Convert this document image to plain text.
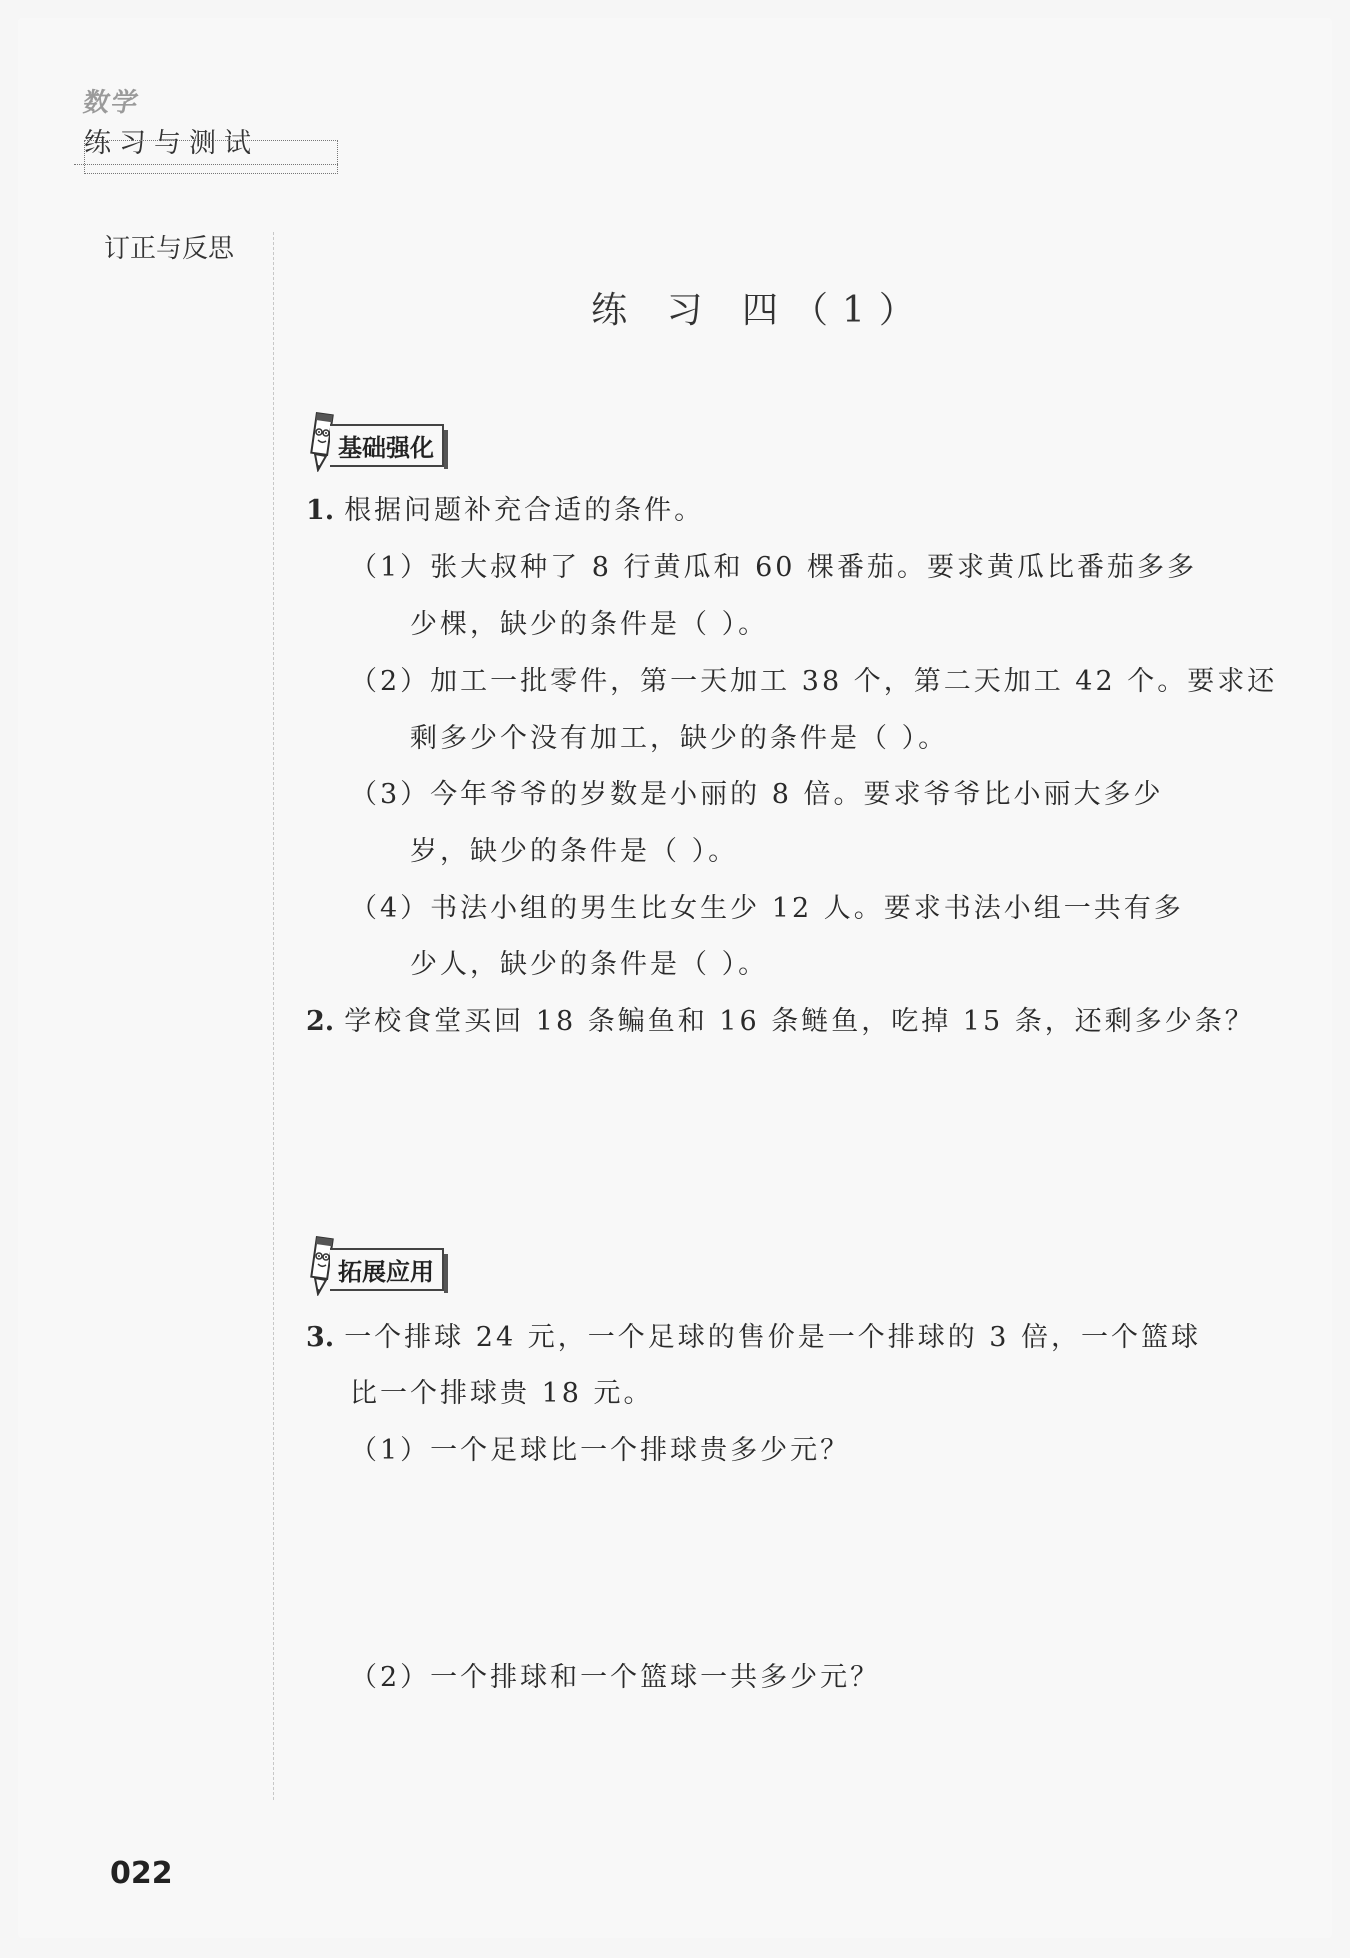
数学
练习与测试
订正与反思
练 习 四（1）
基础强化
1. 根据问题补充合适的条件。
（1）张大叔种了 8 行黄瓜和 60 棵番茄。要求黄瓜比番茄多多
少棵，缺少的条件是（ ）。
（2）加工一批零件，第一天加工 38 个，第二天加工 42 个。要求还
剩多少个没有加工，缺少的条件是（ ）。
（3）今年爷爷的岁数是小丽的 8 倍。要求爷爷比小丽大多少
岁，缺少的条件是（ ）。
（4）书法小组的男生比女生少 12 人。要求书法小组一共有多
少人，缺少的条件是（ ）。
2. 学校食堂买回 18 条鳊鱼和 16 条鲢鱼，吃掉 15 条，还剩多少条？
拓展应用
3. 一个排球 24 元，一个足球的售价是一个排球的 3 倍，一个篮球
比一个排球贵 18 元。
（1）一个足球比一个排球贵多少元？
（2）一个排球和一个篮球一共多少元？
022
